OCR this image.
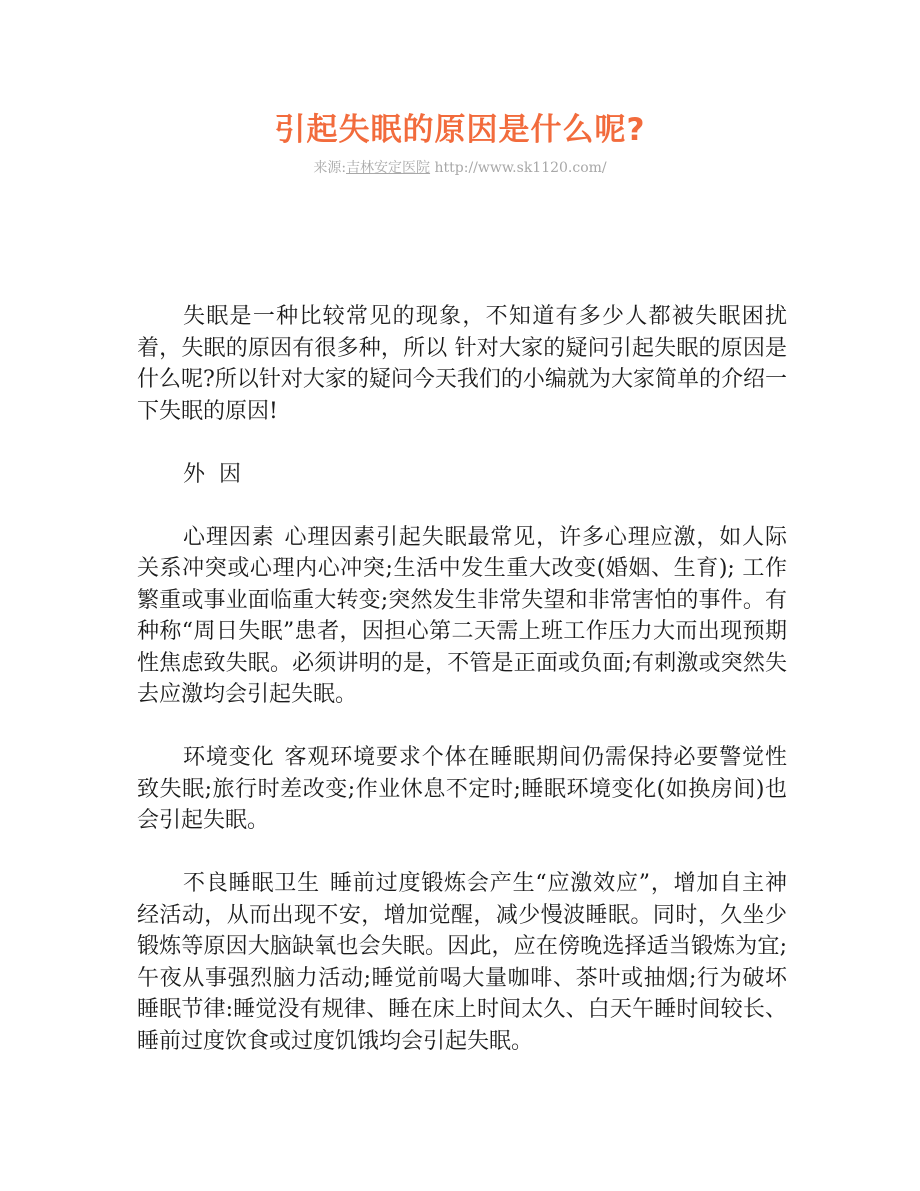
引起失眠的原因是什么呢?
来源:吉林安定医院 http://www.sk1120.com/

失眠是一种比较常见的现象，不知道有多少人都被失眠困扰着，失眠的原因有很多种，所以 针对大家的疑问引起失眠的原因是什么呢?所以针对大家的疑问今天我们的小编就为大家简单的介绍一下失眠的原因!

外因

心理因素 心理因素引起失眠最常见，许多心理应激，如人际关系冲突或心理内心冲突;生活中发生重大改变(婚姻、生育); 工作繁重或事业面临重大转变;突然发生非常失望和非常害怕的事件。有种称“周日失眠”患者，因担心第二天需上班工作压力大而出现预期性焦虑致失眠。必须讲明的是，不管是正面或负面;有刺激或突然失去应激均会引起失眠。

环境变化 客观环境要求个体在睡眠期间仍需保持必要警觉性致失眠;旅行时差改变;作业休息不定时;睡眠环境变化(如换房间)也会引起失眠。

不良睡眠卫生 睡前过度锻炼会产生“应激效应”，增加自主神经活动，从而出现不安，增加觉醒，减少慢波睡眠。同时，久坐少锻炼等原因大脑缺氧也会失眠。因此，应在傍晚选择适当锻炼为宜;午夜从事强烈脑力活动;睡觉前喝大量咖啡、茶叶或抽烟;行为破坏睡眠节律:睡觉没有规律、睡在床上时间太久、白天午睡时间较长、睡前过度饮食或过度饥饿均会引起失眠。
